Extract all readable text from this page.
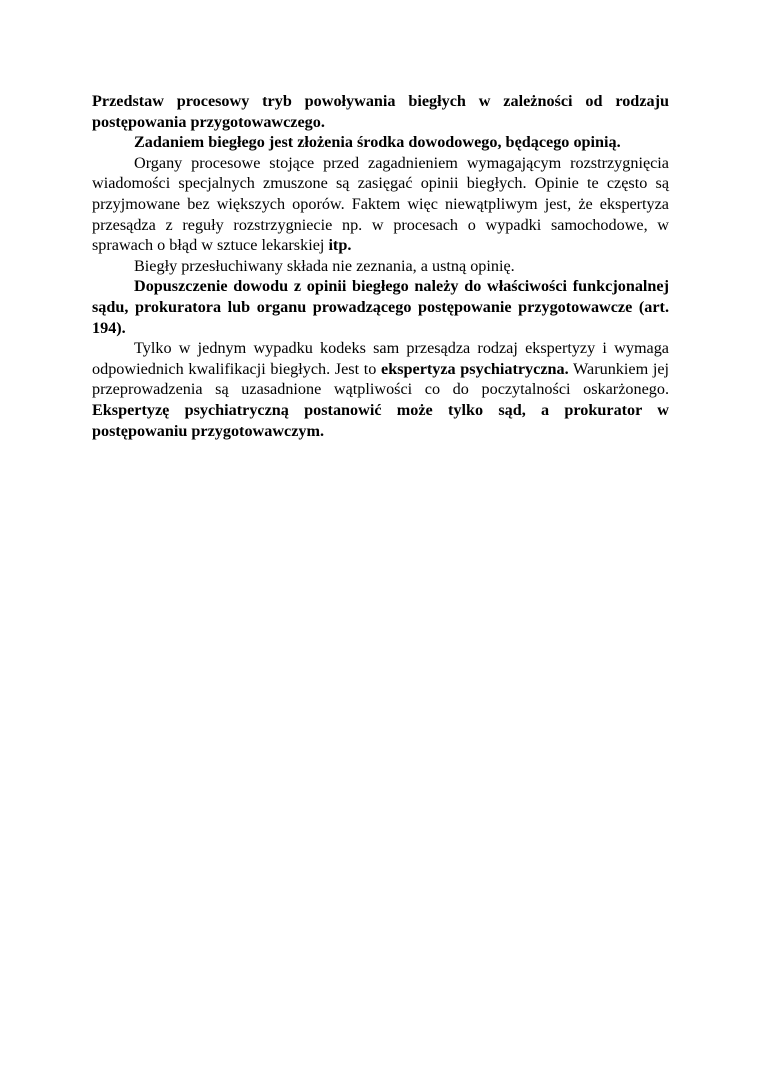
Przedstaw procesowy tryb powoływania biegłych w zależności od rodzaju postępowania przygotowawczego.

Zadaniem biegłego jest złożenia środka dowodowego, będącego opinią.

Organy procesowe stojące przed zagadnieniem wymagającym rozstrzygnięcia wiadomości specjalnych zmuszone są zasięgać opinii biegłych. Opinie te często są przyjmowane bez większych oporów. Faktem więc niewątpliwym jest, że ekspertyza przesądza z reguły rozstrzygniecie np. w procesach o wypadki samochodowe, w sprawach o błąd w sztuce lekarskiej itp.

Biegły przesłuchiwany składa nie zeznania, a ustną opinię.

Dopuszczenie dowodu z opinii biegłego należy do właściwości funkcjonalnej sądu, prokuratora lub organu prowadzącego postępowanie przygotowawcze (art. 194).

Tylko w jednym wypadku kodeks sam przesądza rodzaj ekspertyzy i wymaga odpowiednich kwalifikacji biegłych. Jest to ekspertyza psychiatryczna. Warunkiem jej przeprowadzenia są uzasadnione wątpliwości co do poczytalności oskarżonego. Ekspertyzę psychiatryczną postanowić może tylko sąd, a prokurator w postępowaniu przygotowawczym.
